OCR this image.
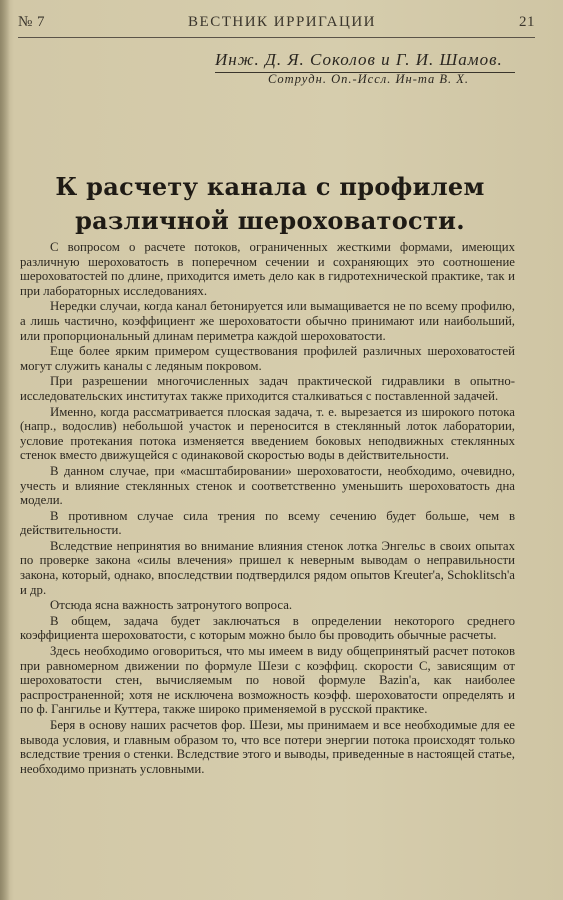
№ 7	ВЕСТНИК ИРРИГАЦИИ	21
Инж. Д. Я. Соколов и Г. И. Шамов.
Сотрудн. Оп.-Исcл. Ин-та В. Х.
К расчету канала с профилем различной шероховатости.

С вопросом о расчете потоков, ограниченных жесткими формами, имеющих различную шероховатость в поперечном сечении и сохраняющих это соотношение шероховатостей по длине, приходится иметь дело как в гидротехнической практике, так и при лабораторных исследованиях.

Нередки случаи, когда канал бетонируется или вымащивается не по всему профилю, а лишь частично, коэффициент же шероховатости обычно принимают или наибольший, или пропорциональный длинам периметра каждой шероховатости.

Еще более ярким примером существования профилей различных шероховатостей могут служить каналы с ледяным покровом.

При разрешении многочисленных задач практической гидравлики в опытно-исследовательских институтах также приходится сталкиваться с поставленной задачей.

Именно, когда рассматривается плоская задача, т. е. вырезается из широкого потока (напр., водослив) небольшой участок и переносится в стеклянный лоток лаборатории, условие протекания потока изменяется введением боковых неподвижных стеклянных стенок вместо движущейся с одинаковой скоростью воды в действительности.

В данном случае, при «масштабировании» шероховатости, необходимо, очевидно, учесть и влияние стеклянных стенок и соответственно уменьшить шероховатость дна модели.

В противном случае сила трения по всему сечению будет больше, чем в действительности.

Вследствие непринятия во внимание влияния стенок лотка Энгельс в своих опытах по проверке закона «силы влечения» пришел к неверным выводам о неправильности закона, который, однако, впоследствии подтвердился рядом опытов Kreuter'a, Schoklitsch'a и др.

Отсюда ясна важность затронутого вопроса.

В общем, задача будет заключаться в определении некоторого среднего коэффициента шероховатости, с которым можно было бы проводить обычные расчеты.

Здесь необходимо оговориться, что мы имеем в виду общепринятый расчет потоков при равномерном движении по формуле Шези с коэффиц. скорости C, зависящим от шероховатости стен, вычисляемым по новой формуле Bazin'a, как наиболее распространенной; хотя не исключена возможность коэфф. шероховатости определять и по ф. Гангилье и Куттера, также широко применяемой в русской практике.

Беря в основу наших расчетов фор. Шези, мы принимаем и все необходимые для ее вывода условия, и главным образом то, что все потери энергии потока происходят только вследствие трения о стенки. Вследствие этого и выводы, приведенные в настоящей статье, необходимо признать условными.
